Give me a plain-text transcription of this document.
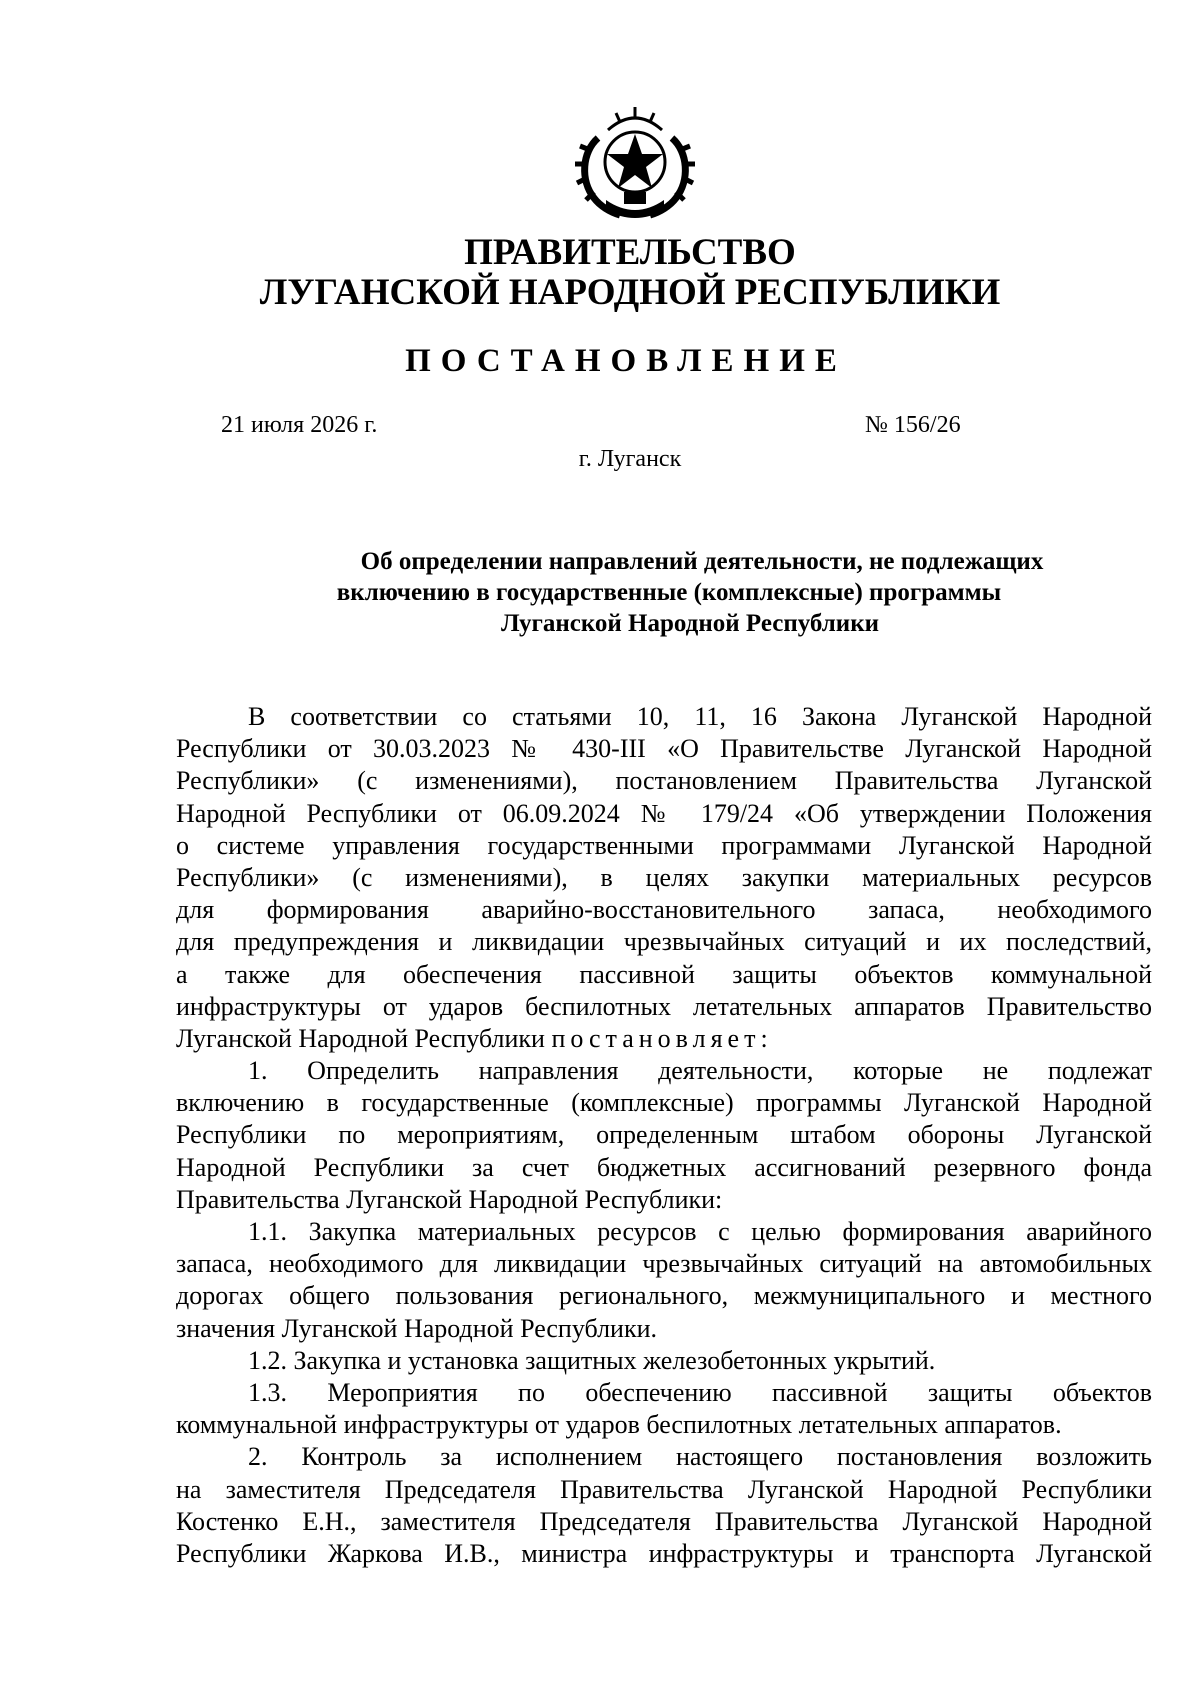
ПРАВИТЕЛЬСТВО
ЛУГАНСКОЙ НАРОДНОЙ РЕСПУБЛИКИ
ПОСТАНОВЛЕНИЕ
21 июля 2026 г.	№ 156/26
г. Луганск
Об определении направлений деятельности, не подлежащих
включению в государственные (комплексные) программы
Луганской Народной Республики
В соответствии со статьями 10, 11, 16 Закона Луганской Народной
Республики от 30.03.2023 № 430-III «О Правительстве Луганской Народной
Республики» (с изменениями), постановлением Правительства Луганской
Народной Республики от 06.09.2024 № 179/24 «Об утверждении Положения
о системе управления государственными программами Луганской Народной
Республики» (с изменениями), в целях закупки материальных ресурсов
для формирования аварийно-восстановительного запаса, необходимого
для предупреждения и ликвидации чрезвычайных ситуаций и их последствий,
а также для обеспечения пассивной защиты объектов коммунальной
инфраструктуры от ударов беспилотных летательных аппаратов Правительство
Луганской Народной Республики постановляет:
1. Определить направления деятельности, которые не подлежат
включению в государственные (комплексные) программы Луганской Народной
Республики по мероприятиям, определенным штабом обороны Луганской
Народной Республики за счет бюджетных ассигнований резервного фонда
Правительства Луганской Народной Республики:
1.1. Закупка материальных ресурсов с целью формирования аварийного
запаса, необходимого для ликвидации чрезвычайных ситуаций на автомобильных
дорогах общего пользования регионального, межмуниципального и местного
значения Луганской Народной Республики.
1.2. Закупка и установка защитных железобетонных укрытий.
1.3. Мероприятия по обеспечению пассивной защиты объектов
коммунальной инфраструктуры от ударов беспилотных летательных аппаратов.
2. Контроль за исполнением настоящего постановления возложить
на заместителя Председателя Правительства Луганской Народной Республики
Костенко Е.Н., заместителя Председателя Правительства Луганской Народной
Республики Жаркова И.В., министра инфраструктуры и транспорта Луганской
